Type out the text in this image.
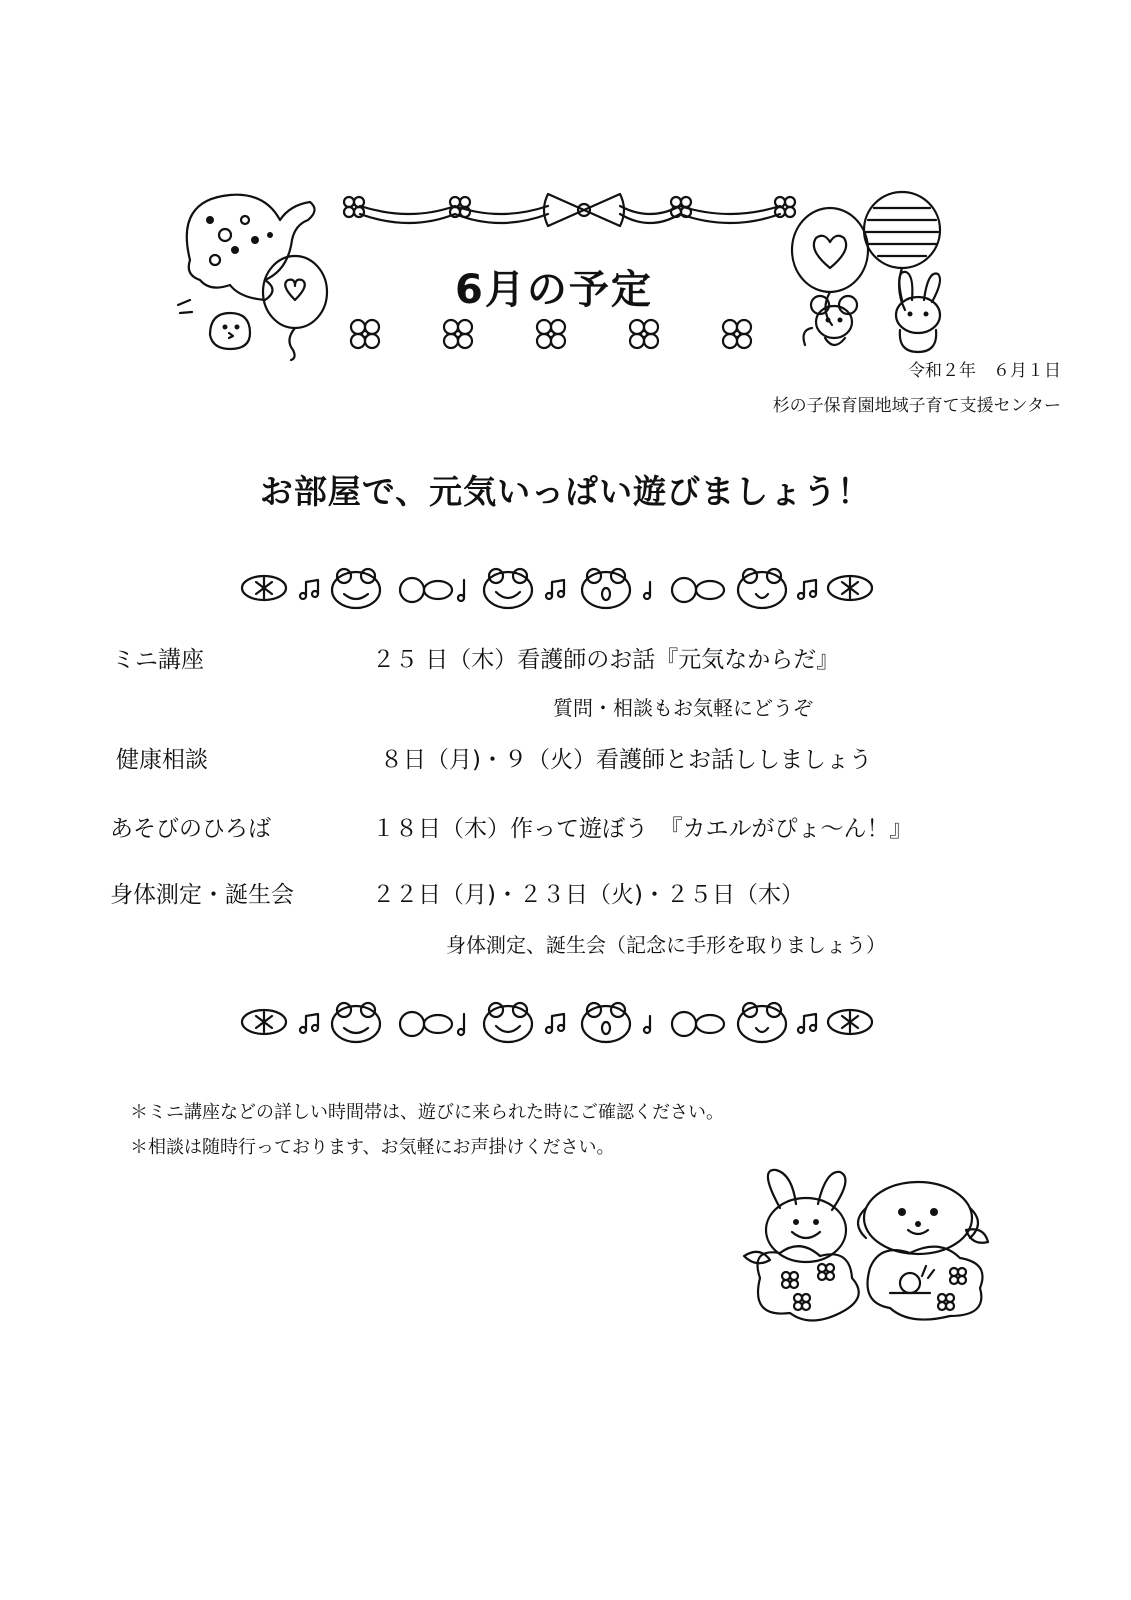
6月の予定
令和２年　６月１日
杉の子保育園地域子育て支援センター
お部屋で、元気いっぱい遊びましょう！
ミニ講座	２５ 日（木）看護師のお話『元気なからだ』
質問・相談もお気軽にどうぞ
健康相談	８日（月)・９（火）看護師とお話ししましょう
あそびのひろば	１８日（木）作って遊ぼう　『カエルがぴょ～ん！』
身体測定・誕生会	２２日（月)・２３日（火)・２５日（木）
身体測定、誕生会（記念に手形を取りましょう）
＊ミニ講座などの詳しい時間帯は、遊びに来られた時にご確認ください。
＊相談は随時行っております、お気軽にお声掛けください。
